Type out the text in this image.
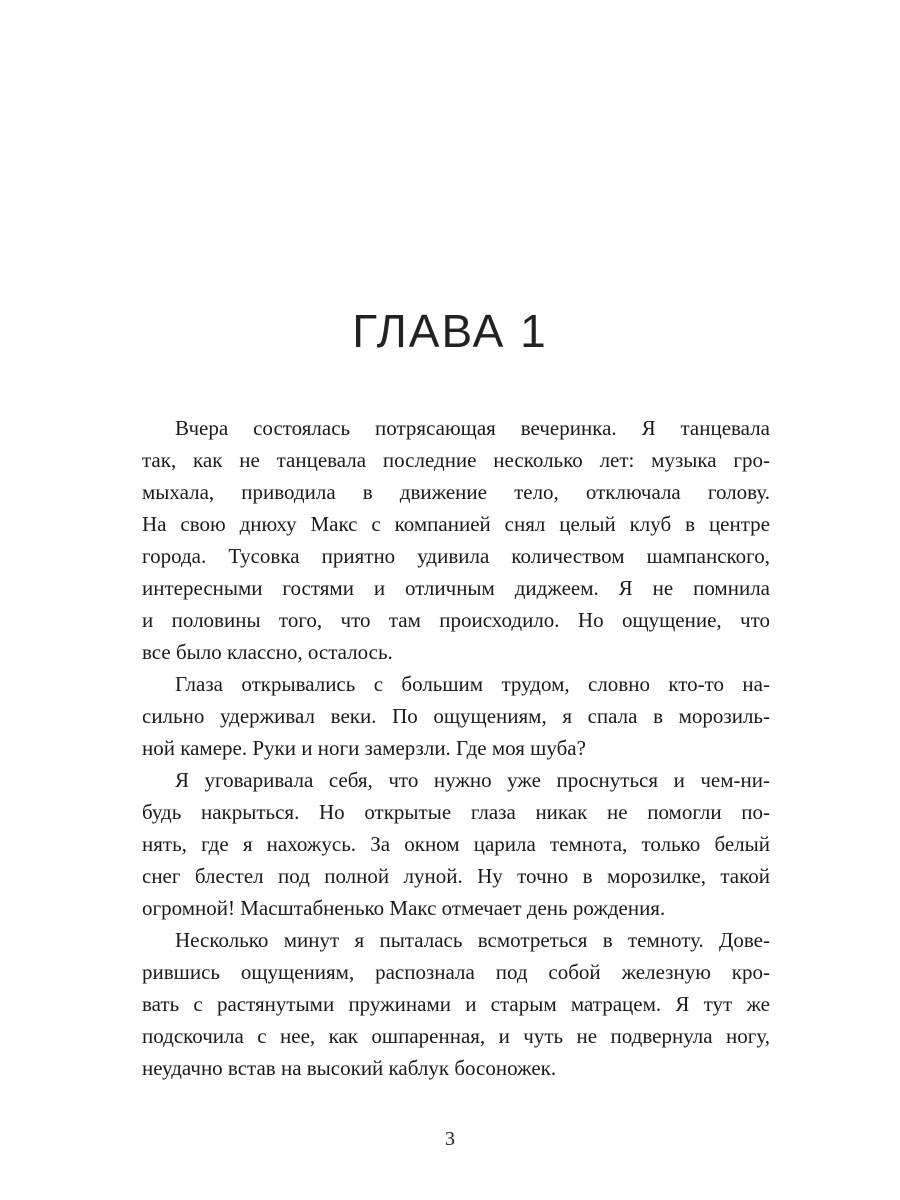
ГЛАВА 1
Вчера состоялась потрясающая вечеринка. Я танцевала
так, как не танцевала последние несколько лет: музыка гро-
мыхала, приводила в движение тело, отключала голову.
На свою днюху Макс с компанией снял целый клуб в центре
города. Тусовка приятно удивила количеством шампанского,
интересными гостями и отличным диджеем. Я не помнила
и половины того, что там происходило. Но ощущение, что
все было классно, осталось.
Глаза открывались с большим трудом, словно кто-то на-
сильно удерживал веки. По ощущениям, я спала в морозиль-
ной камере. Руки и ноги замерзли. Где моя шуба?
Я уговаривала себя, что нужно уже проснуться и чем-ни-
будь накрыться. Но открытые глаза никак не помогли по-
нять, где я нахожусь. За окном царила темнота, только белый
снег блестел под полной луной. Ну точно в морозилке, такой
огромной! Масштабненько Макс отмечает день рождения.
Несколько минут я пыталась всмотреться в темноту. Дове-
рившись ощущениям, распознала под собой железную кро-
вать с растянутыми пружинами и старым матрацем. Я тут же
подскочила с нее, как ошпаренная, и чуть не подвернула ногу,
неудачно встав на высокий каблук босоножек.
3
